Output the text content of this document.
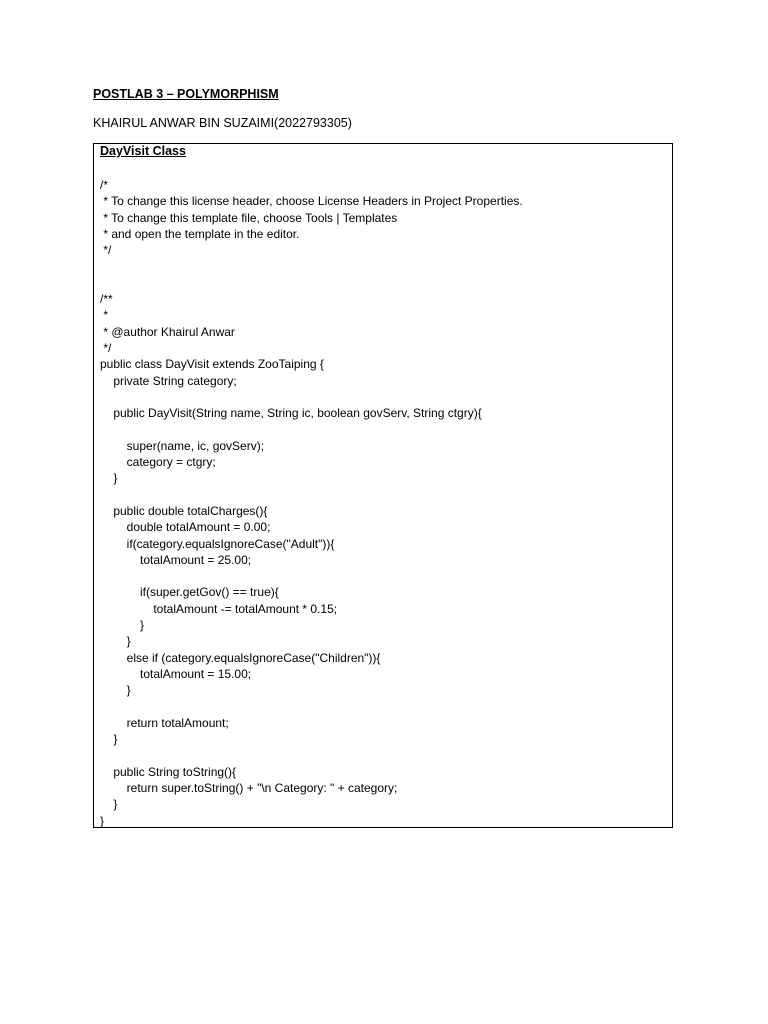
POSTLAB 3 – POLYMORPHISM

KHAIRUL ANWAR BIN SUZAIMI(2022793305)

DayVisit Class
/*
* To change this license header, choose License Headers in Project Properties.
* To change this template file, choose Tools | Templates
* and open the template in the editor.
*/
/**
*
* @author Khairul Anwar
*/
public class DayVisit extends ZooTaiping {
private String category;
public DayVisit(String name, String ic, boolean govServ, String ctgry){
super(name, ic, govServ);
category = ctgry;
}
public double totalCharges(){
double totalAmount = 0.00;
if(category.equalsIgnoreCase("Adult")){
totalAmount = 25.00;
if(super.getGov() == true){
totalAmount -= totalAmount * 0.15;
}
}
else if (category.equalsIgnoreCase("Children")){
totalAmount = 15.00;
}
return totalAmount;
}
public String toString(){
return super.toString() + "\n Category: " + category;
}
}
